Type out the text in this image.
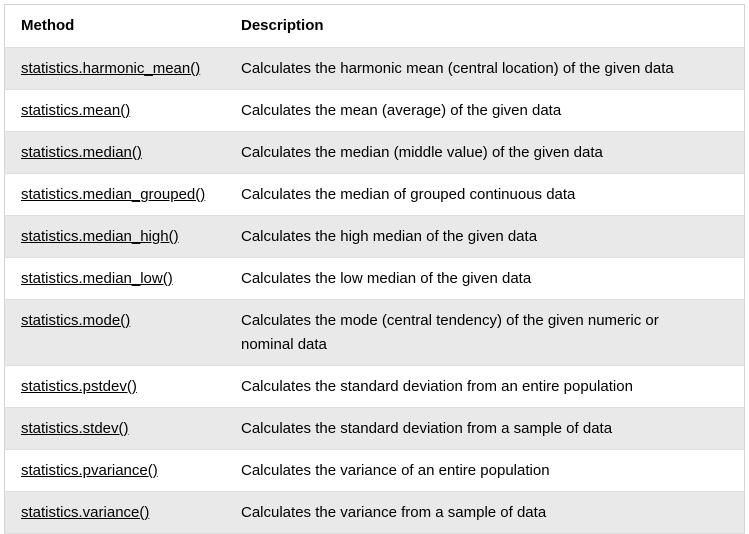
Method	Description
statistics.harmonic_mean()	Calculates the harmonic mean (central location) of the given data
statistics.mean()	Calculates the mean (average) of the given data
statistics.median()	Calculates the median (middle value) of the given data
statistics.median_grouped()	Calculates the median of grouped continuous data
statistics.median_high()	Calculates the high median of the given data
statistics.median_low()	Calculates the low median of the given data
statistics.mode()	Calculates the mode (central tendency) of the given numeric or nominal data
statistics.pstdev()	Calculates the standard deviation from an entire population
statistics.stdev()	Calculates the standard deviation from a sample of data
statistics.pvariance()	Calculates the variance of an entire population
statistics.variance()	Calculates the variance from a sample of data
